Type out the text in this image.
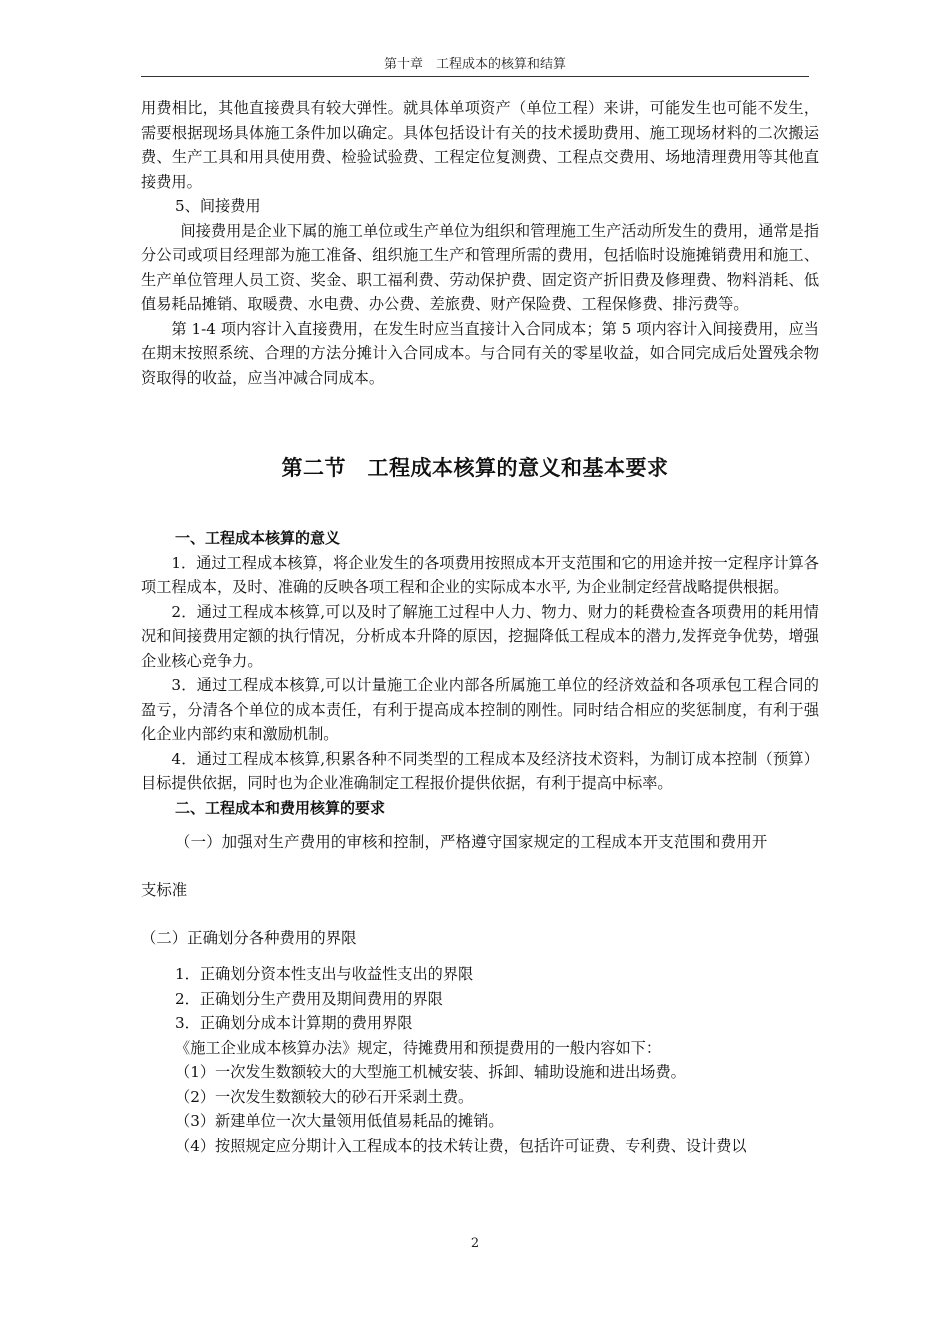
第十章　工程成本的核算和结算

用费相比，其他直接费具有较大弹性。就具体单项资产（单位工程）来讲，可能发生也可能不发生，需要根据现场具体施工条件加以确定。具体包括设计有关的技术援助费用、施工现场材料的二次搬运费、生产工具和用具使用费、检验试验费、工程定位复测费、工程点交费用、场地清理费用等其他直接费用。

5、间接费用

间接费用是企业下属的施工单位或生产单位为组织和管理施工生产活动所发生的费用，通常是指分公司或项目经理部为施工准备、组织施工生产和管理所需的费用，包括临时设施摊销费用和施工、生产单位管理人员工资、奖金、职工福利费、劳动保护费、固定资产折旧费及修理费、物料消耗、低值易耗品摊销、取暖费、水电费、办公费、差旅费、财产保险费、工程保修费、排污费等。

第 1-4 项内容计入直接费用，在发生时应当直接计入合同成本；第 5 项内容计入间接费用，应当在期末按照系统、合理的方法分摊计入合同成本。与合同有关的零星收益，如合同完成后处置残余物资取得的收益，应当冲减合同成本。

第二节　工程成本核算的意义和基本要求

一、工程成本核算的意义

1．通过工程成本核算，将企业发生的各项费用按照成本开支范围和它的用途并按一定程序计算各项工程成本，及时、准确的反映各项工程和企业的实际成本水平, 为企业制定经营战略提供根据。

2．通过工程成本核算,可以及时了解施工过程中人力、物力、财力的耗费检查各项费用的耗用情况和间接费用定额的执行情况，分析成本升降的原因，挖掘降低工程成本的潜力,发挥竞争优势，增强企业核心竞争力。

3．通过工程成本核算,可以计量施工企业内部各所属施工单位的经济效益和各项承包工程合同的盈亏，分清各个单位的成本责任，有利于提高成本控制的刚性。同时结合相应的奖惩制度，有利于强化企业内部约束和激励机制。

4．通过工程成本核算,积累各种不同类型的工程成本及经济技术资料，为制订成本控制（预算）目标提供依据，同时也为企业准确制定工程报价提供依据，有利于提高中标率。

二、工程成本和费用核算的要求

（一）加强对生产费用的审核和控制，严格遵守国家规定的工程成本开支范围和费用开

支标准

（二）正确划分各种费用的界限

1．正确划分资本性支出与收益性支出的界限

2．正确划分生产费用及期间费用的界限

3．正确划分成本计算期的费用界限

《施工企业成本核算办法》规定，待摊费用和预提费用的一般内容如下：

（1）一次发生数额较大的大型施工机械安装、拆卸、辅助设施和进出场费。

（2）一次发生数额较大的砂石开采剥土费。

（3）新建单位一次大量领用低值易耗品的摊销。

（4）按照规定应分期计入工程成本的技术转让费，包括许可证费、专利费、设计费以

2
